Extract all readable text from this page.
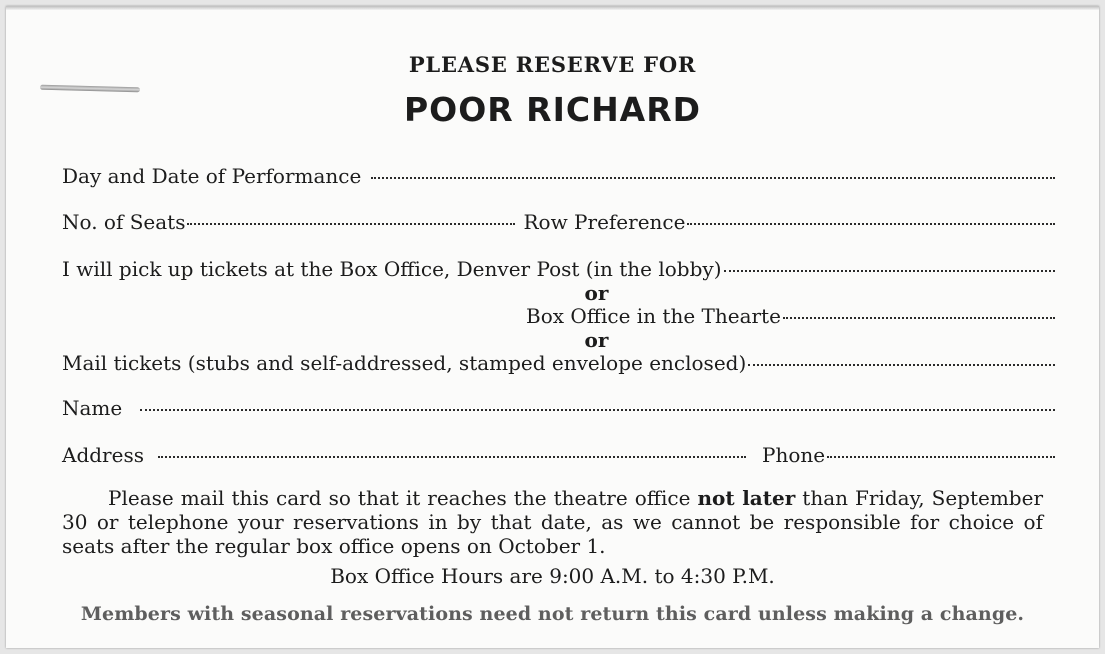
PLEASE RESERVE FOR
POOR RICHARD
Day and Date of Performance
No. of Seats	Row Preference
I will pick up tickets at the Box Office, Denver Post (in the lobby)
or
Box Office in the Thearte
or
Mail tickets (stubs and self-addressed, stamped envelope enclosed)
Name
Address	Phone
Please mail this card so that it reaches the theatre office not later than Friday, September 30 or telephone your reservations in by that date, as we cannot be responsible for choice of seats after the regular box office opens on October 1.
Box Office Hours are 9:00 A.M. to 4:30 P.M.
Members with seasonal reservations need not return this card unless making a change.
